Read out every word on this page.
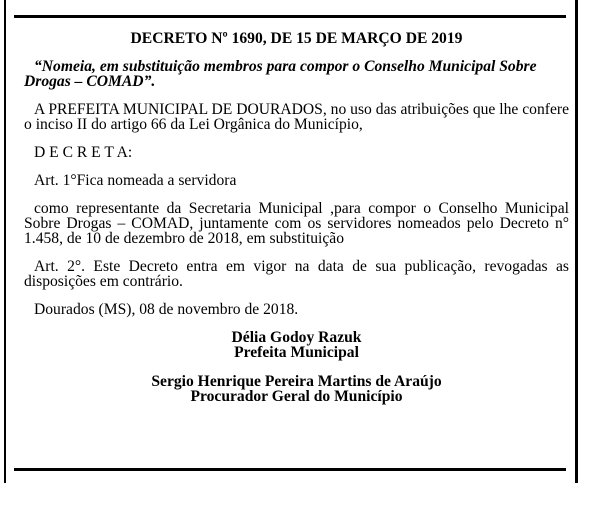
DECRETO Nº 1690, DE 15 DE MARÇO DE 2019
“Nomeia, em substituição membros para compor o Conselho Municipal Sobre Drogas – COMAD”.

A PREFEITA MUNICIPAL DE DOURADOS, no uso das atribuições que lhe confere o inciso II do artigo 66 da Lei Orgânica do Município,

D E C R E T A:

Art. 1°Fica nomeada a servidora

como representante da Secretaria Municipal ,para compor o Conselho Municipal Sobre Drogas – COMAD, juntamente com os servidores nomeados pelo Decreto n° 1.458, de 10 de dezembro de 2018, em substituição

Art. 2°. Este Decreto entra em vigor na data de sua publicação, revogadas as disposições em contrário.

Dourados (MS), 08 de novembro de 2018.

Délia Godoy Razuk
Prefeita Municipal
Sergio Henrique Pereira Martins de Araújo
Procurador Geral do Município
